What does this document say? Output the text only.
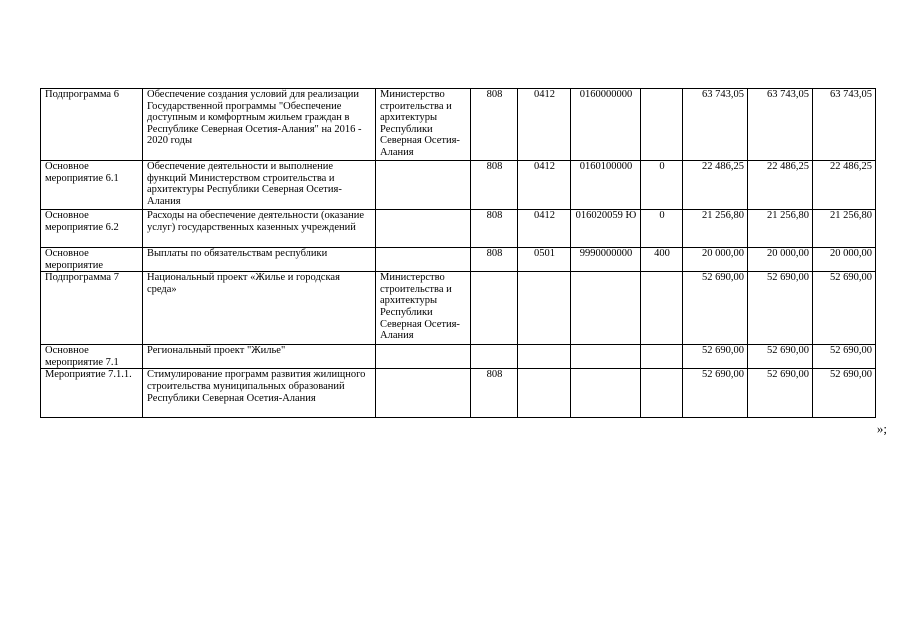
Подпрограмма 6	Обеспечение создания условий для реализации Государственной программы "Обеспечение доступным и комфортным жильем граждан в Республике Северная Осетия-Алания" на 2016 - 2020 годы	Министерство строительства и архитектуры Республики Северная Осетия-Алания	808	0412	0160000000		63 743,05	63 743,05	63 743,05
Основное мероприятие 6.1	Обеспечение деятельности и выполнение функций Министерством строительства и архитектуры Республики Северная Осетия-Алания		808	0412	0160100000	0	22 486,25	22 486,25	22 486,25
Основное мероприятие 6.2	Расходы на обеспечение деятельности (оказание услуг) государственных казенных учреждений		808	0412	016020059 Ю	0	21 256,80	21 256,80	21 256,80
Основное мероприятие	Выплаты по обязательствам республики		808	0501	9990000000	400	20 000,00	20 000,00	20 000,00
Подпрограмма 7	Национальный проект «Жилье и городская среда»	Министерство строительства и архитектуры Республики Северная Осетия-Алания					52 690,00	52 690,00	52 690,00
Основное мероприятие 7.1	Региональный проект "Жилье"						52 690,00	52 690,00	52 690,00
Мероприятие 7.1.1.	Стимулирование программ развития жилищного строительства муниципальных образований Республики Северная Осетия-Алания		808				52 690,00	52 690,00	52 690,00
»;
